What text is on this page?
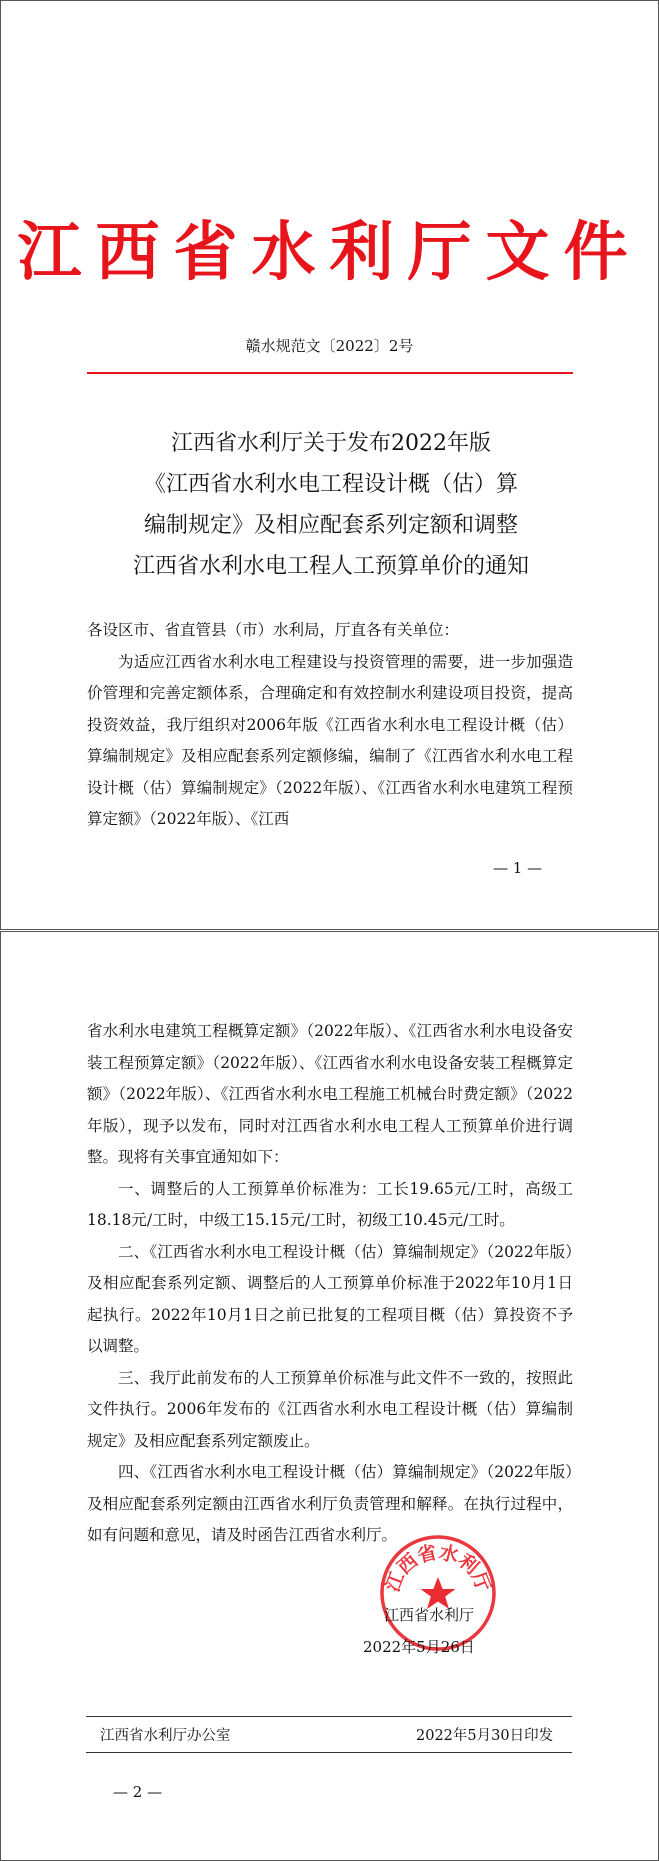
江西省水利厅文件
赣水规范文〔2022〕2号
江西省水利厅关于发布2022年版
《江西省水利水电工程设计概（估）算
编制规定》及相应配套系列定额和调整
江西省水利水电工程人工预算单价的通知

各设区市、省直管县（市）水利局，厅直各有关单位：

为适应江西省水利水电工程建设与投资管理的需要，进一步加强造价管理和完善定额体系，合理确定和有效控制水利建设项目投资，提高投资效益，我厅组织对2006年版《江西省水利水电工程设计概（估）算编制规定》及相应配套系列定额修编，编制了《江西省水利水电工程设计概（估）算编制规定》（2022年版）、《江西省水利水电建筑工程预算定额》（2022年版）、《江西

— 1 —

省水利水电建筑工程概算定额》（2022年版）、《江西省水利水电设备安装工程预算定额》（2022年版）、《江西省水利水电设备安装工程概算定额》（2022年版）、《江西省水利水电工程施工机械台时费定额》（2022年版），现予以发布，同时对江西省水利水电工程人工预算单价进行调整。现将有关事宜通知如下：

一、调整后的人工预算单价标准为：工长19.65元/工时，高级工18.18元/工时，中级工15.15元/工时，初级工10.45元/工时。

二、《江西省水利水电工程设计概（估）算编制规定》（2022年版）及相应配套系列定额、调整后的人工预算单价标准于2022年10月1日起执行。2022年10月1日之前已批复的工程项目概（估）算投资不予以调整。

三、我厅此前发布的人工预算单价标准与此文件不一致的，按照此文件执行。2006年发布的《江西省水利水电工程设计概（估）算编制规定》及相应配套系列定额废止。

四、《江西省水利水电工程设计概（估）算编制规定》（2022年版）及相应配套系列定额由江西省水利厅负责管理和解释。在执行过程中，如有问题和意见，请及时函告江西省水利厅。

江西省水利厅
江西省水利厅
2022年5月26日
江西省水利厅办公室	2022年5月30日印发
— 2 —
